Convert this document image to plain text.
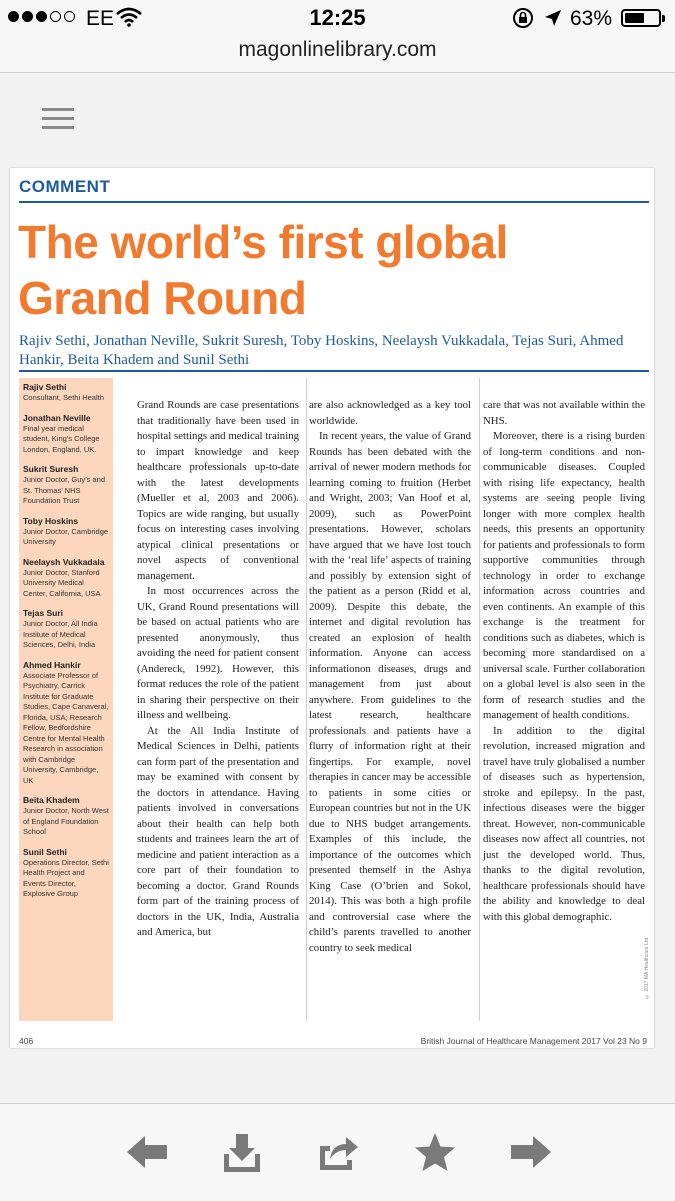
EE	12:25	63%
magonlinelibrary.com
COMMENT
The world’s first global Grand Round
Rajiv Sethi, Jonathan Neville, Sukrit Suresh, Toby Hoskins, Neelaysh Vukkadala, Tejas Suri, Ahmed Hankir, Beita Khadem and Sunil Sethi
Rajiv Sethi
Consultant, Sethi Health
Jonathan Neville
Final year medical student, King’s College London, England, UK.
Sukrit Suresh
Junior Doctor, Guy’s and St. Thomas’ NHS Foundation Trust
Toby Hoskins
Junior Doctor, Cambridge University
Neelaysh Vukkadala
Junior Doctor, Stanford University Medical Center, California, USA
Tejas Suri
Junior Doctor, All India Institute of Medical Sciences, Delhi, India
Ahmed Hankir
Associate Professor of Psychiatry, Carrick Institute for Graduate Studies, Cape Canaveral, Florida, USA; Research Fellow, Bedfordshire Centre for Mental Health Research in association with Cambridge University, Cambridge, UK
Beita Khadem
Junior Doctor, North West of England Foundation School
Sunil Sethi
Operations Director, Sethi Health Project and Events Director, Explosive Group

Grand Rounds are case presentations that traditionally have been used in hospital settings and medical training to impart knowledge and keep healthcare professionals up-to-date with the latest developments (Mueller et al, 2003 and 2006). Topics are wide ranging, but usually focus on interesting cases involving atypical clinical presentations or novel aspects of conventional management.

In most occurrences across the UK, Grand Round presentations will be based on actual patients who are presented anonymously, thus avoiding the need for patient consent (Andereck, 1992). However, this format reduces the role of the patient in sharing their perspective on their illness and wellbeing.

At the All India Institute of Medical Sciences in Delhi, patients can form part of the presentation and may be examined with consent by the doctors in attendance. Having patients involved in conversations about their health can help both students and trainees learn the art of medicine and patient interaction as a core part of their foundation to becoming a doctor. Grand Rounds form part of the training process of doctors in the UK, India, Australia and America, but

are also acknowledged as a key tool worldwide.

In recent years, the value of Grand Rounds has been debated with the arrival of newer modern methods for learning coming to fruition (Herbet and Wright, 2003; Van Hoof et al, 2009), such as PowerPoint presentations. However, scholars have argued that we have lost touch with the ‘real life’ aspects of training and possibly by extension sight of the patient as a person (Ridd et al, 2009). Despite this debate, the internet and digital revolution has created an explosion of health information. Anyone can access informationon diseases, drugs and management from just about anywhere. From guidelines to the latest research, healthcare professionals and patients have a flurry of information right at their fingertips. For example, novel therapies in cancer may be accessible to patients in some cities or European countries but not in the UK due to NHS budget arrangements. Examples of this include, the importance of the outcomes which presented themself in the Ashya King Case (O’brien and Sokol, 2014). This was both a high profile and controversial case where the child’s parents travelled to another country to seek medical

care that was not available within the NHS.

Moreover, there is a rising burden of long-term conditions and non-communicable diseases. Coupled with rising life expectancy, health systems are seeing people living longer with more complex health needs, this presents an opportunity for patients and professionals to form supportive communities through technology in order to exchange information across countries and even continents. An example of this exchange is the treatment for conditions such as diabetes, which is becoming more standardised on a universal scale. Further collaboration on a global level is also seen in the form of research studies and the management of health conditions.

In addition to the digital revolution, increased migration and travel have truly globalised a number of diseases such as hypertension, stroke and epilepsy. In the past, infectious diseases were the bigger threat. However, non-communicable diseases now affect all countries, not just the developed world. Thus, thanks to the digital revolution, healthcare professionals should have the ability and knowledge to deal with this global demographic.

© 2017 MA Healthcare Ltd
406	British Journal of Healthcare Management 2017 Vol 23 No 9
